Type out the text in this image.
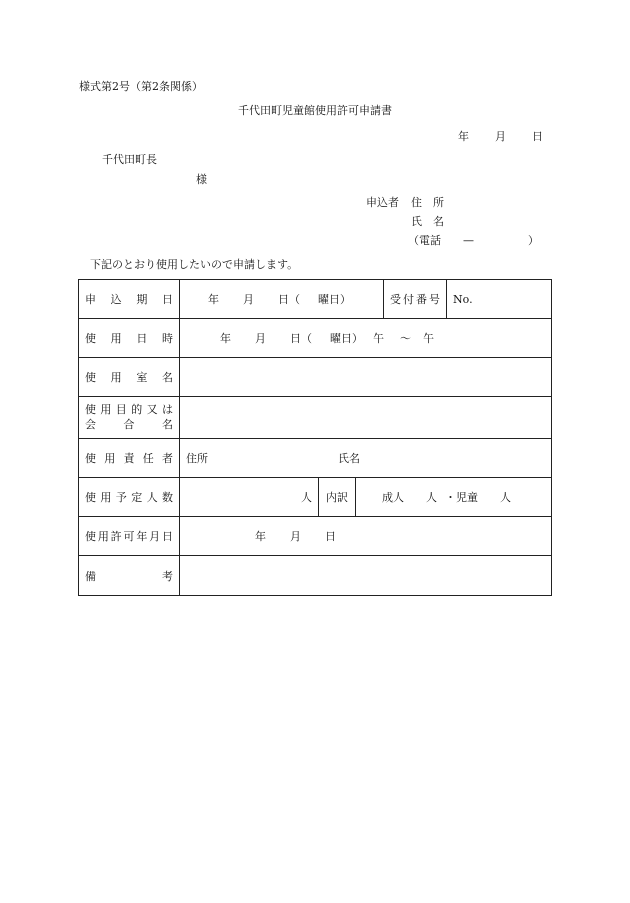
様式第2号（第2条関係）
千代田町児童館使用許可申請書
年 月 日
千代田町長
様
申込者 住　所
氏　名
（電話 —	）
下記のとおり使用したいので申請します。
申込期日	年 月 日（ 曜日）			受付番号	No.
使用日時	年 月 日（ 曜日） 午 ～ 午				
使用室名					

使用目的又は
会合名					

使用責任者	住所 氏名				
使用予定人数	人	内訳	成人 人 ・児童 人		
使用許可年月日	年 月 日				
備考					
